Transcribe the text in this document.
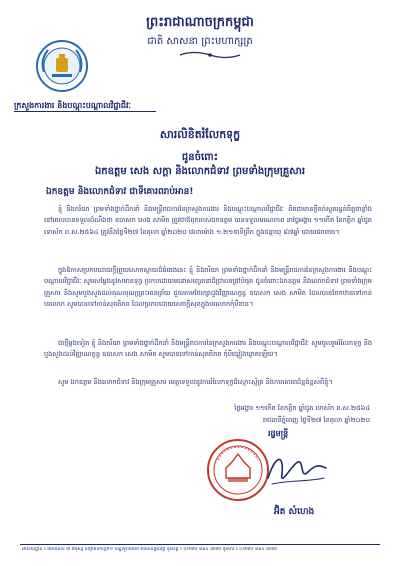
ព្រះរាជាណាចក្រកម្ពុជា
ជាតិ សាសនា ព្រះមហាក្សត្រ
ក្រសួងការងារ និងបណ្ដុះបណ្ដាលវិជ្ជាជីវៈ
សារលិខិតរំលែកទុក្ខ
ជូនចំពោះ
ឯកឧត្តម សេង សក្ដា និងលោកជំទាវ ព្រមទាំងក្រុមគ្រួសារ
ឯកឧត្តម និងលោកជំទាវ ជាទីគោរពរាប់អាន!
ខ្ញុំ និងភរិយា ព្រមទាំងថ្នាក់ដឹកនាំ និងមន្ត្រីរាជការនៃក្រសួងការងារ និងបណ្ដុះបណ្ដាលវិជ្ជាជីវៈ ពិតជាមានក្ដីតក់ស្លុតរន្ធត់ចិត្តជាខ្លាំង នៅពេលបានទទួលដំណឹងថា ឧបាសក សេង សាមិត ត្រូវជាឪពុករបស់ឯកឧត្តម បានទទួលមរណភាព នាថ្ងៃអង្គារ ១១កើត ខែកត្ដិក ឆ្នាំជូត ទោស័ក ព.ស.២៥៦៤ ត្រូវនឹងថ្ងៃទី២៧ ខែតុលា ឆ្នាំ២០២០ វេលាម៉ោង ១.២១នាទីព្រឹក ក្នុងជន្មាយុ ៨៧ឆ្នាំ ដោយជរាពាធ។
ក្នុងឱកាសប្រកបដោយក្ដីព្រួយសោកស្ដាយដ៏ធំធេងនេះ ខ្ញុំ និងភរិយា ព្រមទាំងថ្នាក់ដឹកនាំ និងមន្ត្រីរាជការនៃក្រសួងការងារ និងបណ្ដុះបណ្ដាលវិជ្ជាជីវៈ សូមសម្ដែងនូវសមានទុក្ខ ប្រកបដោយមនោសញ្ចេតនាដ៏ជ្រាលជ្រៅបំផុត ជូនចំពោះឯកឧត្តម និងលោកជំទាវ ព្រមទាំងក្រុមគ្រួសារ និងសូមបួងសួងដល់គុណបុណ្យព្រះរតនត្រ័យ ជួយតាមថែរក្សាដួងវិញ្ញាណក្ខន្ធ ឧបាសក សេង សាមិត ដែលបានចែកឋានទៅកាន់បរលោក សូមបានទៅកាន់សុគតិភព ដែលប្រកបដោយសេចក្ដីសុខក្នុងបរលោកកុំបីខាន។
ជាថ្មីម្ដងទៀត ខ្ញុំ និងភរិយា ព្រមទាំងថ្នាក់ដឹកនាំ និងមន្ត្រីរាជការនៃក្រសួងការងារ និងបណ្ដុះបណ្ដាលវិជ្ជាជីវៈ សូមចូលរួមរំលែកទុក្ខ និងបួងសួងដល់វិញ្ញាណក្ខន្ធ ឧបាសក សេង សាមិត សូមបានទៅកាន់សុគតិភព កុំបីឃ្លៀងឃ្លាតឡើយ។
សូម ឯកឧត្តម និងលោកជំទាវ និងក្រុមគ្រួសារ មេត្តាទទួលនូវការរំលែកទុក្ខដ៏ស្មោះស្ម័គ្រ និងការគោរពដ៏ខ្ពង់ខ្ពស់ពីខ្ញុំ។
ថ្ងៃអង្គារ ១១កើត ខែកត្ដិក ឆ្នាំជូត ទោស័ក ព.ស.២៥៦៤
រាជធានីភ្នំពេញ ថ្ងៃទី២៧ ខែតុលា ឆ្នាំ២០២០
រដ្ឋមន្ត្រី
អ៊ិត សំហេង
អាសយដ្ឋាន ៖ អគារលេខ ៣ វិថីរុស្សី សង្កាត់ទឹកល្អក់១ ខណ្ឌទួលគោក រាជធានីភ្នំពេញ ទូរស័ព្ទ ៖ (០២៣) ៨៨៤ ៣៧៥ ទូរសារ ៖ (០២៣) ៨៨៤ ៣៧៥
